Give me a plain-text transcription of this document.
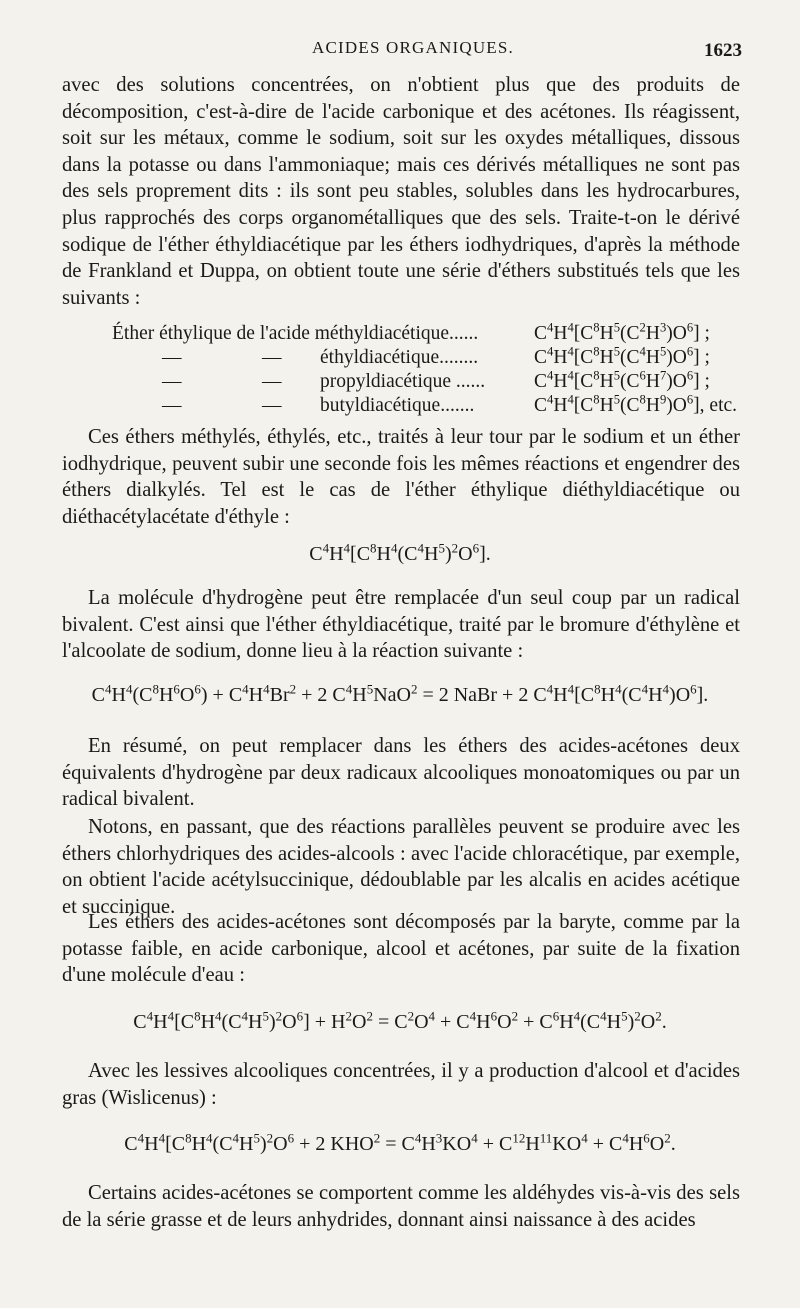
ACIDES ORGANIQUES.	1623

avec des solutions concentrées, on n'obtient plus que des produits de décomposition, c'est-à-dire de l'acide carbonique et des acétones. Ils réagissent, soit sur les métaux, comme le sodium, soit sur les oxydes métalliques, dissous dans la potasse ou dans l'ammoniaque; mais ces dérivés métalliques ne sont pas des sels proprement dits : ils sont peu stables, solubles dans les hydrocarbures, plus rapprochés des corps organométalliques que des sels. Traite-t-on le dérivé sodique de l'éther éthyldiacétique par les éthers iodhydriques, d'après la méthode de Frankland et Duppa, on obtient toute une série d'éthers substitués tels que les suivants :

Éther éthylique de l'acide méthyldiacétique......	$C^4H^4[C^8H^5(C^2H^3)O^6]$ ;
—	— éthyldiacétique........	$C^4H^4[C^8H^5(C^4H^5)O^6]$ ;
—	— propyldiacétique ......	$C^4H^4[C^8H^5(C^6H^7)O^6]$ ;
—	— butyldiacétique.......	$C^4H^4[C^8H^5(C^8H^9)O^6]$, etc.

Ces éthers méthylés, éthylés, etc., traités à leur tour par le sodium et un éther iodhydrique, peuvent subir une seconde fois les mêmes réactions et engendrer des éthers dialkylés. Tel est le cas de l'éther éthylique diéthyldiacétique ou diéthacétylacétate d'éthyle :

$C^4H^4[C^8H^4(C^4H^5)^2O^6]$.

La molécule d'hydrogène peut être remplacée d'un seul coup par un radical bivalent. C'est ainsi que l'éther éthyldiacétique, traité par le bromure d'éthylène et l'alcoolate de sodium, donne lieu à la réaction suivante :

$C^4H^4(C^8H^6O^6) + C^4H^4Br^2 + 2$ $C^4H^5NaO^2 = 2$ NaBr + 2 $C^4H^4[C^8H^4(C^4H^4)O^6]$.

En résumé, on peut remplacer dans les éthers des acides-acétones deux équivalents d'hydrogène par deux radicaux alcooliques monoatomiques ou par un radical bivalent.

Notons, en passant, que des réactions parallèles peuvent se produire avec les éthers chlorhydriques des acides-alcools : avec l'acide chloracétique, par exemple, on obtient l'acide acétylsuccinique, dédoublable par les alcalis en acides acétique et succinique.

Les éthers des acides-acétones sont décomposés par la baryte, comme par la potasse faible, en acide carbonique, alcool et acétones, par suite de la fixation d'une molécule d'eau :

$C^4H^4[C^8H^4(C^4H^5)^2O^6] + H^2O^2 = C^2O^4 + C^4H^6O^2 + C^6H^4(C^4H^5)^2O^2$.

Avec les lessives alcooliques concentrées, il y a production d'alcool et d'acides gras (Wislicenus) :

$C^4H^4[C^8H^4(C^4H^5)^2O^6 + 2$ $KHO^2 = C^4H^3KO^4 + C^{12}H^{11}KO^4 + C^4H^6O^2$.

Certains acides-acétones se comportent comme les aldéhydes vis-à-vis des sels de la série grasse et de leurs anhydrides, donnant ainsi naissance à des acides
